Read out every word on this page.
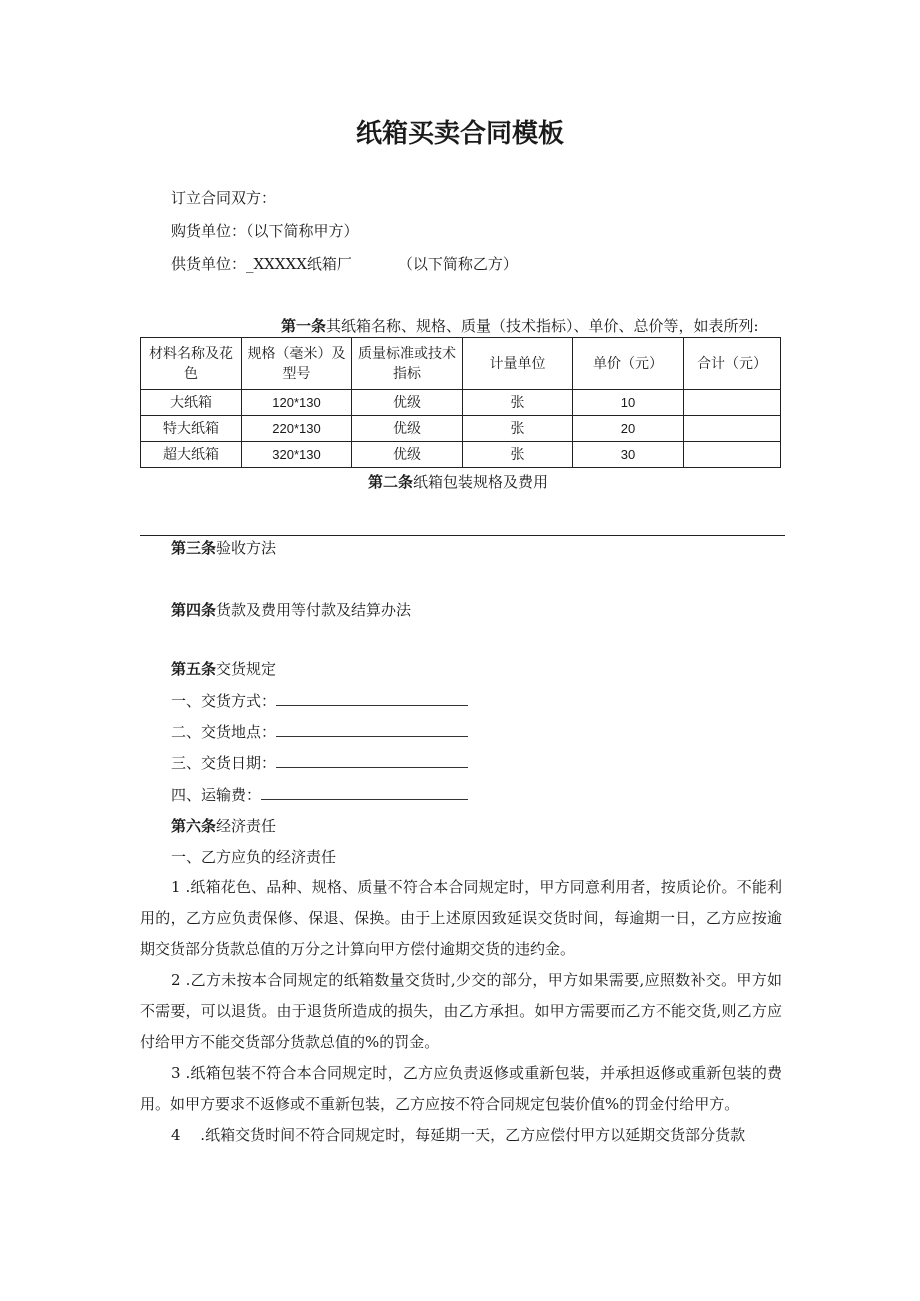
纸箱买卖合同模板
订立合同双方：
购货单位：（以下简称甲方）
供货单位：_XXXXX纸箱厂	（以下简称乙方）
第一条其纸箱名称、规格、质量（技术指标）、单价、总价等，如表所列:
材料名称及花色	规格（毫米）及型号	质量标准或技术指标	计量单位	单价（元）	合计（元）
大纸箱	120*130	优级	张	10	
特大纸箱	220*130	优级	张	20	
超大纸箱	320*130	优级	张	30	
第二条纸箱包装规格及费用
第三条验收方法
第四条货款及费用等付款及结算办法
第五条交货规定
一、交货方式：
二、交货地点：
三、交货日期：
四、运输费：
第六条经济责任
一、乙方应负的经济责任
1 .纸箱花色、品种、规格、质量不符合本合同规定时，甲方同意利用者，按质论价。不能利用的，乙方应负责保修、保退、保换。由于上述原因致延误交货时间，每逾期一日，乙方应按逾期交货部分货款总值的万分之计算向甲方偿付逾期交货的违约金。
2 .乙方未按本合同规定的纸箱数量交货时,少交的部分，甲方如果需要,应照数补交。甲方如不需要，可以退货。由于退货所造成的损失，由乙方承担。如甲方需要而乙方不能交货,则乙方应付给甲方不能交货部分货款总值的%的罚金。
3 .纸箱包装不符合本合同规定时，乙方应负责返修或重新包装，并承担返修或重新包装的费用。如甲方要求不返修或不重新包装，乙方应按不符合同规定包装价值%的罚金付给甲方。
4　 .纸箱交货时间不符合同规定时，每延期一天，乙方应偿付甲方以延期交货部分货款
